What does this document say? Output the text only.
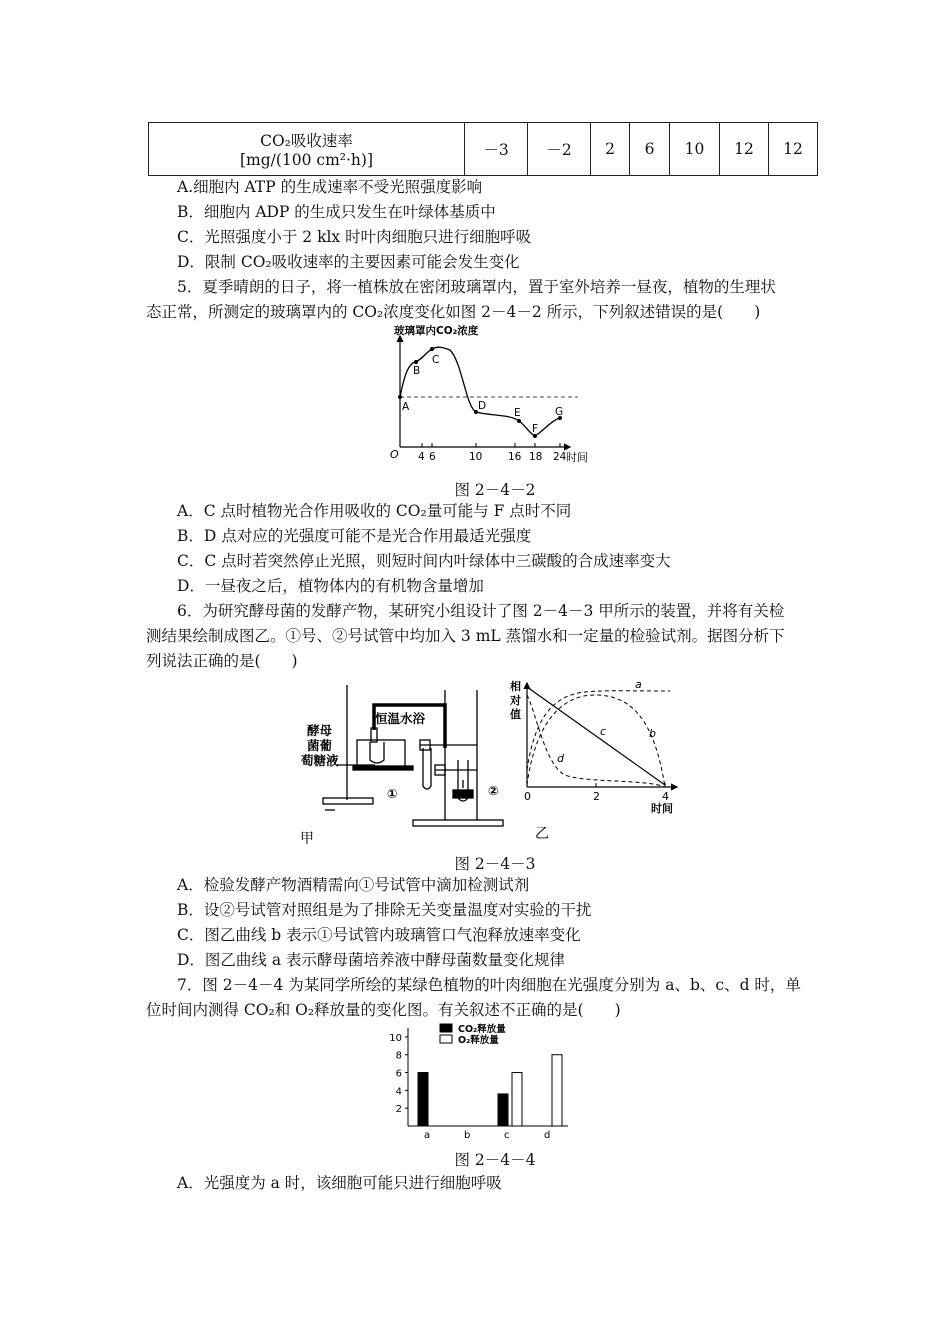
CO₂吸收速率
[mg/(100 cm²·h)]
	－3	－2	2	6	10	12	12
A.细胞内 ATP 的生成速率不受光照强度影响
B．细胞内 ADP 的生成只发生在叶绿体基质中
C．光照强度小于 2 klx 时叶肉细胞只进行细胞呼吸
D．限制 CO₂吸收速率的主要因素可能会发生变化
5．夏季晴朗的日子，将一植株放在密闭玻璃罩内，置于室外培养一昼夜，植物的生理状
态正常，所测定的玻璃罩内的 CO₂浓度变化如图 2－4－2 所示，下列叙述错误的是(　　)
玻璃罩内CO₂浓度
时间
O 4 6	10 16 18 24
A
B
C
D
E
F
G
图 2－4－2
A．C 点时植物光合作用吸收的 CO₂量可能与 F 点时不同
B．D 点对应的光强度可能不是光合作用最适光强度
C．C 点时若突然停止光照，则短时间内叶绿体中三碳酸的合成速率变大
D．一昼夜之后，植物体内的有机物含量增加
6．为研究酵母菌的发酵产物，某研究小组设计了图 2－4－3 甲所示的装置，并将有关检
测结果绘制成图乙。①号、②号试管中均加入 3 mL 蒸馏水和一定量的检验试剂。据图分析下
列说法正确的是(　　)
恒温水浴
酵母
菌葡
萄糖液
①	②
甲
相
对
值
时间
0	2	4
a
b
c
d
乙
图 2－4－3
A．检验发酵产物酒精需向①号试管中滴加检测试剂
B．设②号试管对照组是为了排除无关变量温度对实验的干扰
C．图乙曲线 b 表示①号试管内玻璃管口气泡释放速率变化
D．图乙曲线 a 表示酵母菌培养液中酵母菌数量变化规律
7．图 2－4－4 为某同学所绘的某绿色植物的叶肉细胞在光强度分别为 a、b、c、d 时，单
位时间内测得 CO₂和 O₂释放量的变化图。有关叙述不正确的是(　　)
2
4
6
8
10
a	b	c	d
CO₂释放量
O₂释放量
图 2－4－4
A．光强度为 a 时，该细胞可能只进行细胞呼吸
